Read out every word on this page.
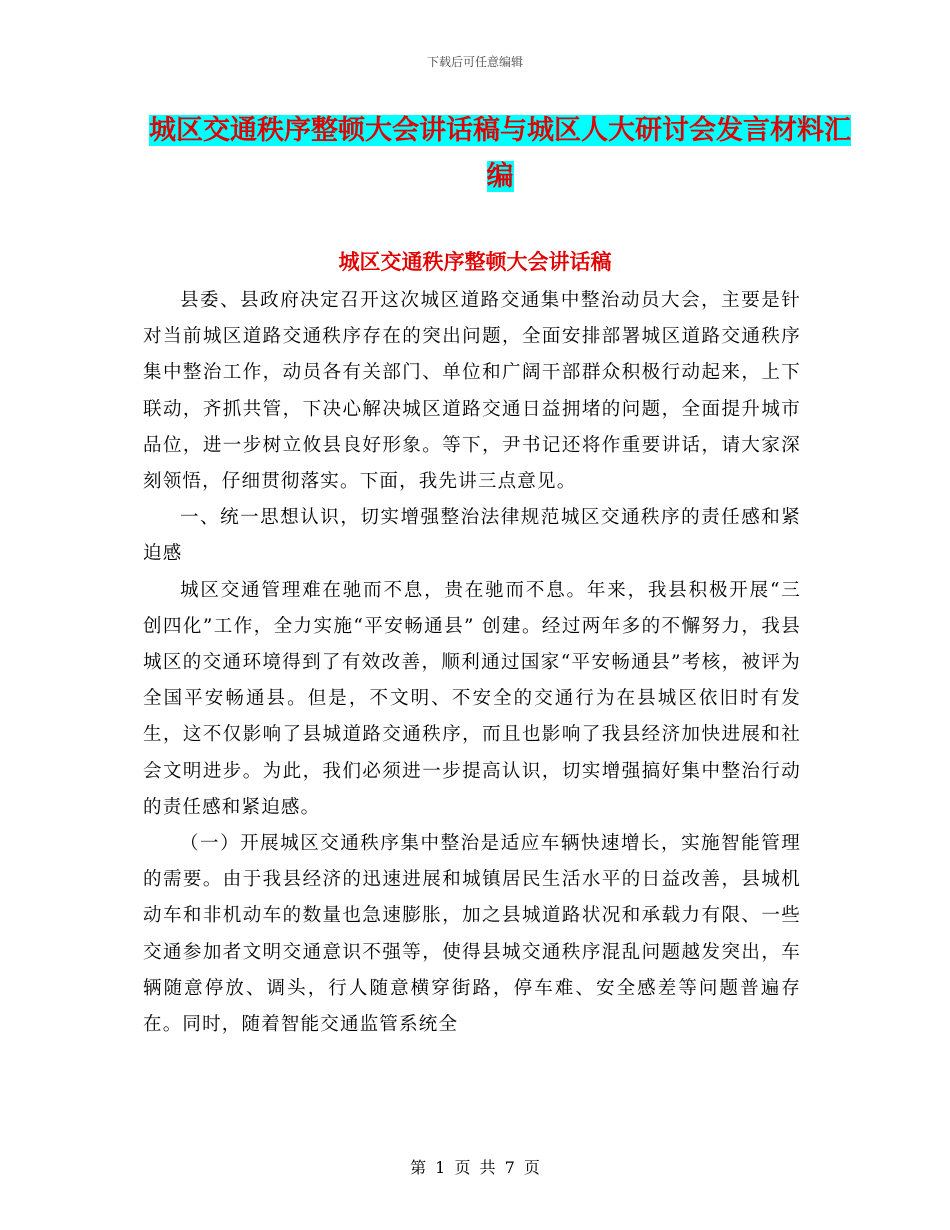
下载后可任意编辑
城区交通秩序整顿大会讲话稿与城区人大研讨会发言材料汇编
城区交通秩序整顿大会讲话稿

县委、县政府决定召开这次城区道路交通集中整治动员大会，主要是针对当前城区道路交通秩序存在的突出问题，全面安排部署城区道路交通秩序集中整治工作，动员各有关部门、单位和广阔干部群众积极行动起来，上下联动，齐抓共管，下决心解决城区道路交通日益拥堵的问题，全面提升城市品位，进一步树立攸县良好形象。等下，尹书记还将作重要讲话，请大家深刻领悟，仔细贯彻落实。下面，我先讲三点意见。

一、统一思想认识，切实增强整治法律规范城区交通秩序的责任感和紧迫感

城区交通管理难在驰而不息，贵在驰而不息。年来，我县积极开展“三创四化”工作，全力实施“平安畅通县” 创建。经过两年多的不懈努力，我县城区的交通环境得到了有效改善，顺利通过国家“平安畅通县”考核，被评为全国平安畅通县。但是，不文明、不安全的交通行为在县城区依旧时有发生，这不仅影响了县城道路交通秩序，而且也影响了我县经济加快进展和社会文明进步。为此，我们必须进一步提高认识，切实增强搞好集中整治行动的责任感和紧迫感。

（一）开展城区交通秩序集中整治是适应车辆快速增长，实施智能管理的需要。由于我县经济的迅速进展和城镇居民生活水平的日益改善，县城机动车和非机动车的数量也急速膨胀，加之县城道路状况和承载力有限、一些交通参加者文明交通意识不强等，使得县城交通秩序混乱问题越发突出，车辆随意停放、调头，行人随意横穿街路，停车难、安全感差等问题普遍存在。同时，随着智能交通监管系统全

第 1 页 共 7 页
